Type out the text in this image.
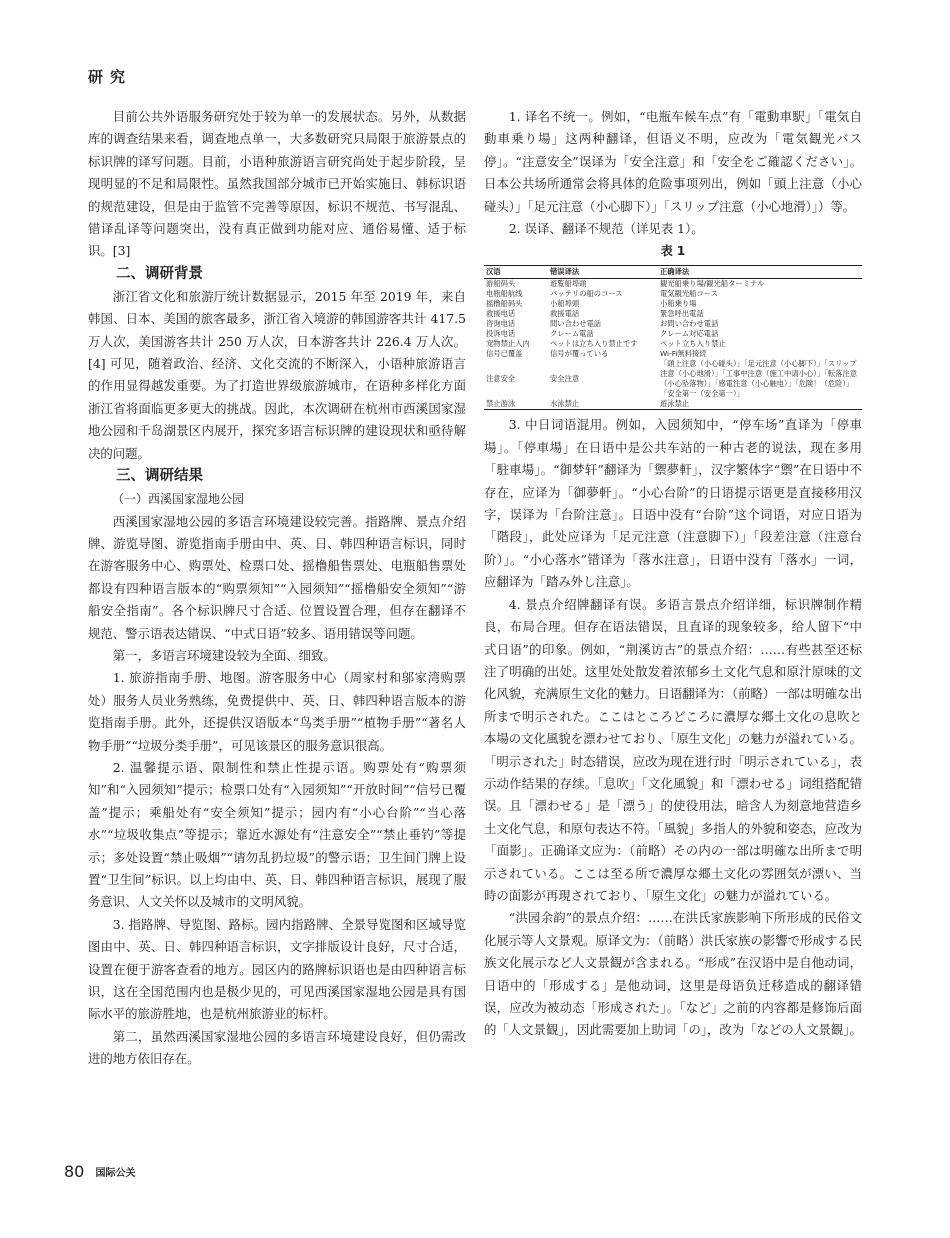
研究

目前公共外语服务研究处于较为单一的发展状态。另外，从数据库的调查结果来看，调查地点单一，大多数研究只局限于旅游景点的标识牌的译写问题。目前，小语种旅游语言研究尚处于起步阶段，呈现明显的不足和局限性。虽然我国部分城市已开始实施日、韩标识语的规范建设，但是由于监管不完善等原因，标识不规范、书写混乱、错译乱译等问题突出，没有真正做到功能对应、通俗易懂、适于标识。[3]

二、调研背景

浙江省文化和旅游厅统计数据显示，2015 年至 2019 年，来自韩国、日本、美国的旅客最多，浙江省入境游的韩国游客共计 417.5 万人次，美国游客共计 250 万人次，日本游客共计 226.4 万人次。[4] 可见，随着政治、经济、文化交流的不断深入，小语种旅游语言的作用显得越发重要。为了打造世界级旅游城市，在语种多样化方面浙江省将面临更多更大的挑战。因此，本次调研在杭州市西溪国家湿地公园和千岛湖景区内展开，探究多语言标识牌的建设现状和亟待解决的问题。

三、调研结果
（一）西溪国家湿地公园

西溪国家湿地公园的多语言环境建设较完善。指路牌、景点介绍牌、游览导图、游览指南手册由中、英、日、韩四种语言标识，同时在游客服务中心、购票处、检票口处、摇橹船售票处、电瓶船售票处都设有四种语言版本的“购票须知”“入园须知”“摇橹船安全须知”“游船安全指南”。各个标识牌尺寸合适、位置设置合理，但存在翻译不规范、警示语表达错误、“中式日语”较多、语用错误等问题。

第一，多语言环境建设较为全面、细致。

1. 旅游指南手册、地图。游客服务中心（周家村和邬家湾购票处）服务人员业务熟练，免费提供中、英、日、韩四种语言版本的游览指南手册。此外，还提供汉语版本“鸟类手册”“植物手册”“著名人物手册”“垃圾分类手册”，可见该景区的服务意识很高。

2. 温馨提示语、限制性和禁止性提示语。购票处有“购票须知”和“入园须知”提示；检票口处有“入园须知”“开放时间”“信号已覆盖”提示；乘船处有“安全须知”提示；园内有“小心台阶”“当心落水”“垃圾收集点”等提示；靠近水源处有“注意安全”“禁止垂钓”等提示；多处设置“禁止吸烟”“请勿乱扔垃圾”的警示语；卫生间门牌上设置“卫生间”标识。以上均由中、英、日、韩四种语言标识，展现了服务意识、人文关怀以及城市的文明风貌。

3. 指路牌、导览图、路标。园内指路牌、全景导览图和区域导览图由中、英、日、韩四种语言标识，文字排版设计良好，尺寸合适，设置在便于游客查看的地方。园区内的路牌标识语也是由四种语言标识，这在全国范围内也是极少见的，可见西溪国家湿地公园是具有国际水平的旅游胜地，也是杭州旅游业的标杆。

第二，虽然西溪国家湿地公园的多语言环境建设良好，但仍需改进的地方依旧存在。

1. 译名不统一。例如，“电瓶车候车点”有「電動車駅」「電気自動車乗り場」这两种翻译，但语义不明，应改为「電気観光バス停」。“注意安全”误译为「安全注意」和「安全をご確認ください」。日本公共场所通常会将具体的危险事项列出，例如「頭上注意（小心碰头）」「足元注意（小心脚下）」「スリップ注意（小心地滑）」）等。

2. 误译、翻译不规范（详见表 1）。

表 1
汉语	错误译法	正确译法
游船码头	遊覧船埠頭	観光船乗り場/観光船ターミナル
电瓶船航线	バッテリの船のコース	電気観光船コース
摇橹船码头	小船埠頭	小船乗り場
救援电话	救援電話	緊急呼出電話
咨询电话	問い合わせ電話	お問い合わせ電話
投诉电话	クレーム電話	クレーム対応電話
宠物禁止入内	ペットは立ち入り禁止です	ペット立ち入り禁止
信号已覆盖	信号が覆っている	Wi-Fi無料接続
注意安全	安全注意	「頭上注意（小心碰头）」「足元注意（小心脚下）」「スリップ注意（小心地滑）」「工事中注意（施工中请小心）」「転落注意（小心坠落物）」「感電注意（小心触电）」「危険！（危险）」「安全第一（安全第一）」
禁止游泳	水泳禁止	遊泳禁止

3. 中日词语混用。例如，入园须知中，“停车场”直译为「停車場」。「停車場」在日语中是公共车站的一种古老的说法，现在多用「駐車場」。“御梦轩”翻译为「禦夢軒」，汉字繁体字“禦”在日语中不存在，应译为「御夢軒」。“小心台阶”的日语提示语更是直接移用汉字，误译为「台阶注意」。日语中没有“台阶”这个词语，对应日语为「階段」，此处应译为「足元注意（注意脚下）」「段差注意（注意台阶）」。“小心落水”错译为「落水注意」，日语中没有「落水」一词，应翻译为「踏み外し注意」。

4. 景点介绍牌翻译有误。多语言景点介绍详细，标识牌制作精良，布局合理。但存在语法错误，且直译的现象较多，给人留下“中式日语”的印象。例如，“荆溪访古”的景点介绍：……有些甚至还标注了明确的出处。这里处处散发着浓郁乡土文化气息和原汁原味的文化风貌，充满原生文化的魅力。日语翻译为：（前略）一部は明確な出所まで明示された。ここはところどころに濃厚な郷土文化の息吹と本場の文化風貌を漂わせており、「原生文化」の魅力が溢れている。「明示された」时态错误，应改为现在进行时「明示されている」，表示动作结果的存续。「息吹」「文化風貌」和「漂わせる」词组搭配错误。且「漂わせる」是「漂う」的使役用法，暗含人为刻意地营造乡土文化气息，和原句表达不符。「風貌」多指人的外貌和姿态，应改为「面影」。正确译文应为：（前略）その内の一部は明確な出所まで明示されている。ここは至る所で濃厚な郷土文化の雰囲気が漂い、当時の面影が再現されており、「原生文化」の魅力が溢れている。

“洪园余韵”的景点介绍：……在洪氏家族影响下所形成的民俗文化展示等人文景观。原译文为：（前略）洪氏家族の影響で形成する民族文化展示など人文景観が含まれる。“形成”在汉语中是自他动词，日语中的「形成する」是他动词，这里是母语负迁移造成的翻译错误，应改为被动态「形成された」。「など」之前的内容都是修饰后面的「人文景観」，因此需要加上助词「の」，改为「などの人文景観」。

80 国际公关
